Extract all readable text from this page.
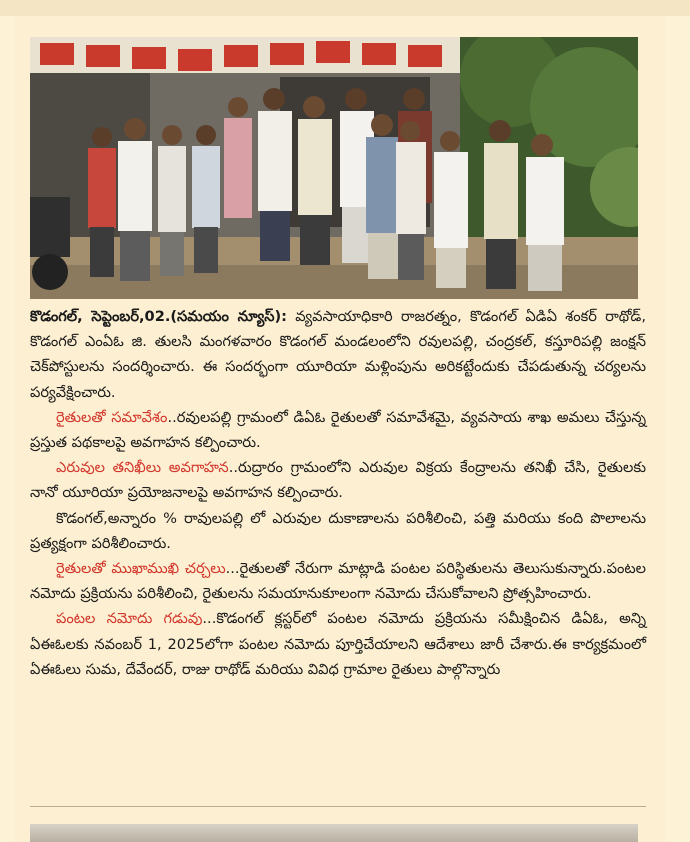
కొడంగల్, సెప్టెంబర్,02.(సమయం న్యూస్): వ్యవసాయాధికారి రాజరత్నం, కొడంగల్ ఏడిఏ శంకర్ రాథోడ్, కొడంగల్ ఎంఏఓ జి. తులసి మంగళవారం కొడంగల్ మండలంలోని రవులపల్లి, చంద్రకల్, కస్తూరిపల్లి జంక్షన్ చెక్‌పోస్టులను సందర్శించారు. ఈ సందర్భంగా యూరియా మళ్లింపును అరికట్టేందుకు చేపడుతున్న చర్యలను పర్యవేక్షించారు.

రైతులతో సమావేశం..రవులపల్లి గ్రామంలో డిఏఓ రైతులతో సమావేశమై, వ్యవసాయ శాఖ అమలు చేస్తున్న ప్రస్తుత పథకాలపై అవగాహన కల్పించారు.

ఎరువుల తనిఖీలు అవగాహన..రుద్రారం గ్రామంలోని ఎరువుల విక్రయ కేంద్రాలను తనిఖీ చేసి, రైతులకు నానో యూరియా ప్రయోజనాలపై అవగాహన కల్పించారు.

కొడంగల్,అన్నారం % రావులపల్లి లో ఎరువుల దుకాణాలను పరిశీలించి, పత్తి మరియు కంది పొలాలను ప్రత్యక్షంగా పరిశీలించారు.

రైతులతో ముఖాముఖి చర్చలు...రైతులతో నేరుగా మాట్లాడి పంటల పరిస్థితులను తెలుసుకున్నారు.పంటల నమోదు ప్రక్రియను పరిశీలించి, రైతులను సమయానుకూలంగా నమోదు చేసుకోవాలని ప్రోత్సహించారు.

పంటల నమోదు గడువు...కొడంగల్ క్లస్టర్‌లో పంటల నమోదు ప్రక్రియను సమీక్షించిన డిఏఓ, అన్ని ఏఈఓలకు నవంబర్ 1, 2025లోగా పంటల నమోదు పూర్తిచేయాలని ఆదేశాలు జారీ చేశారు.ఈ కార్యక్రమంలో ఏఈఓలు సుమ, దేవేందర్, రాజు రాథోడ్ మరియు వివిధ గ్రామాల రైతులు పాల్గొన్నారు
